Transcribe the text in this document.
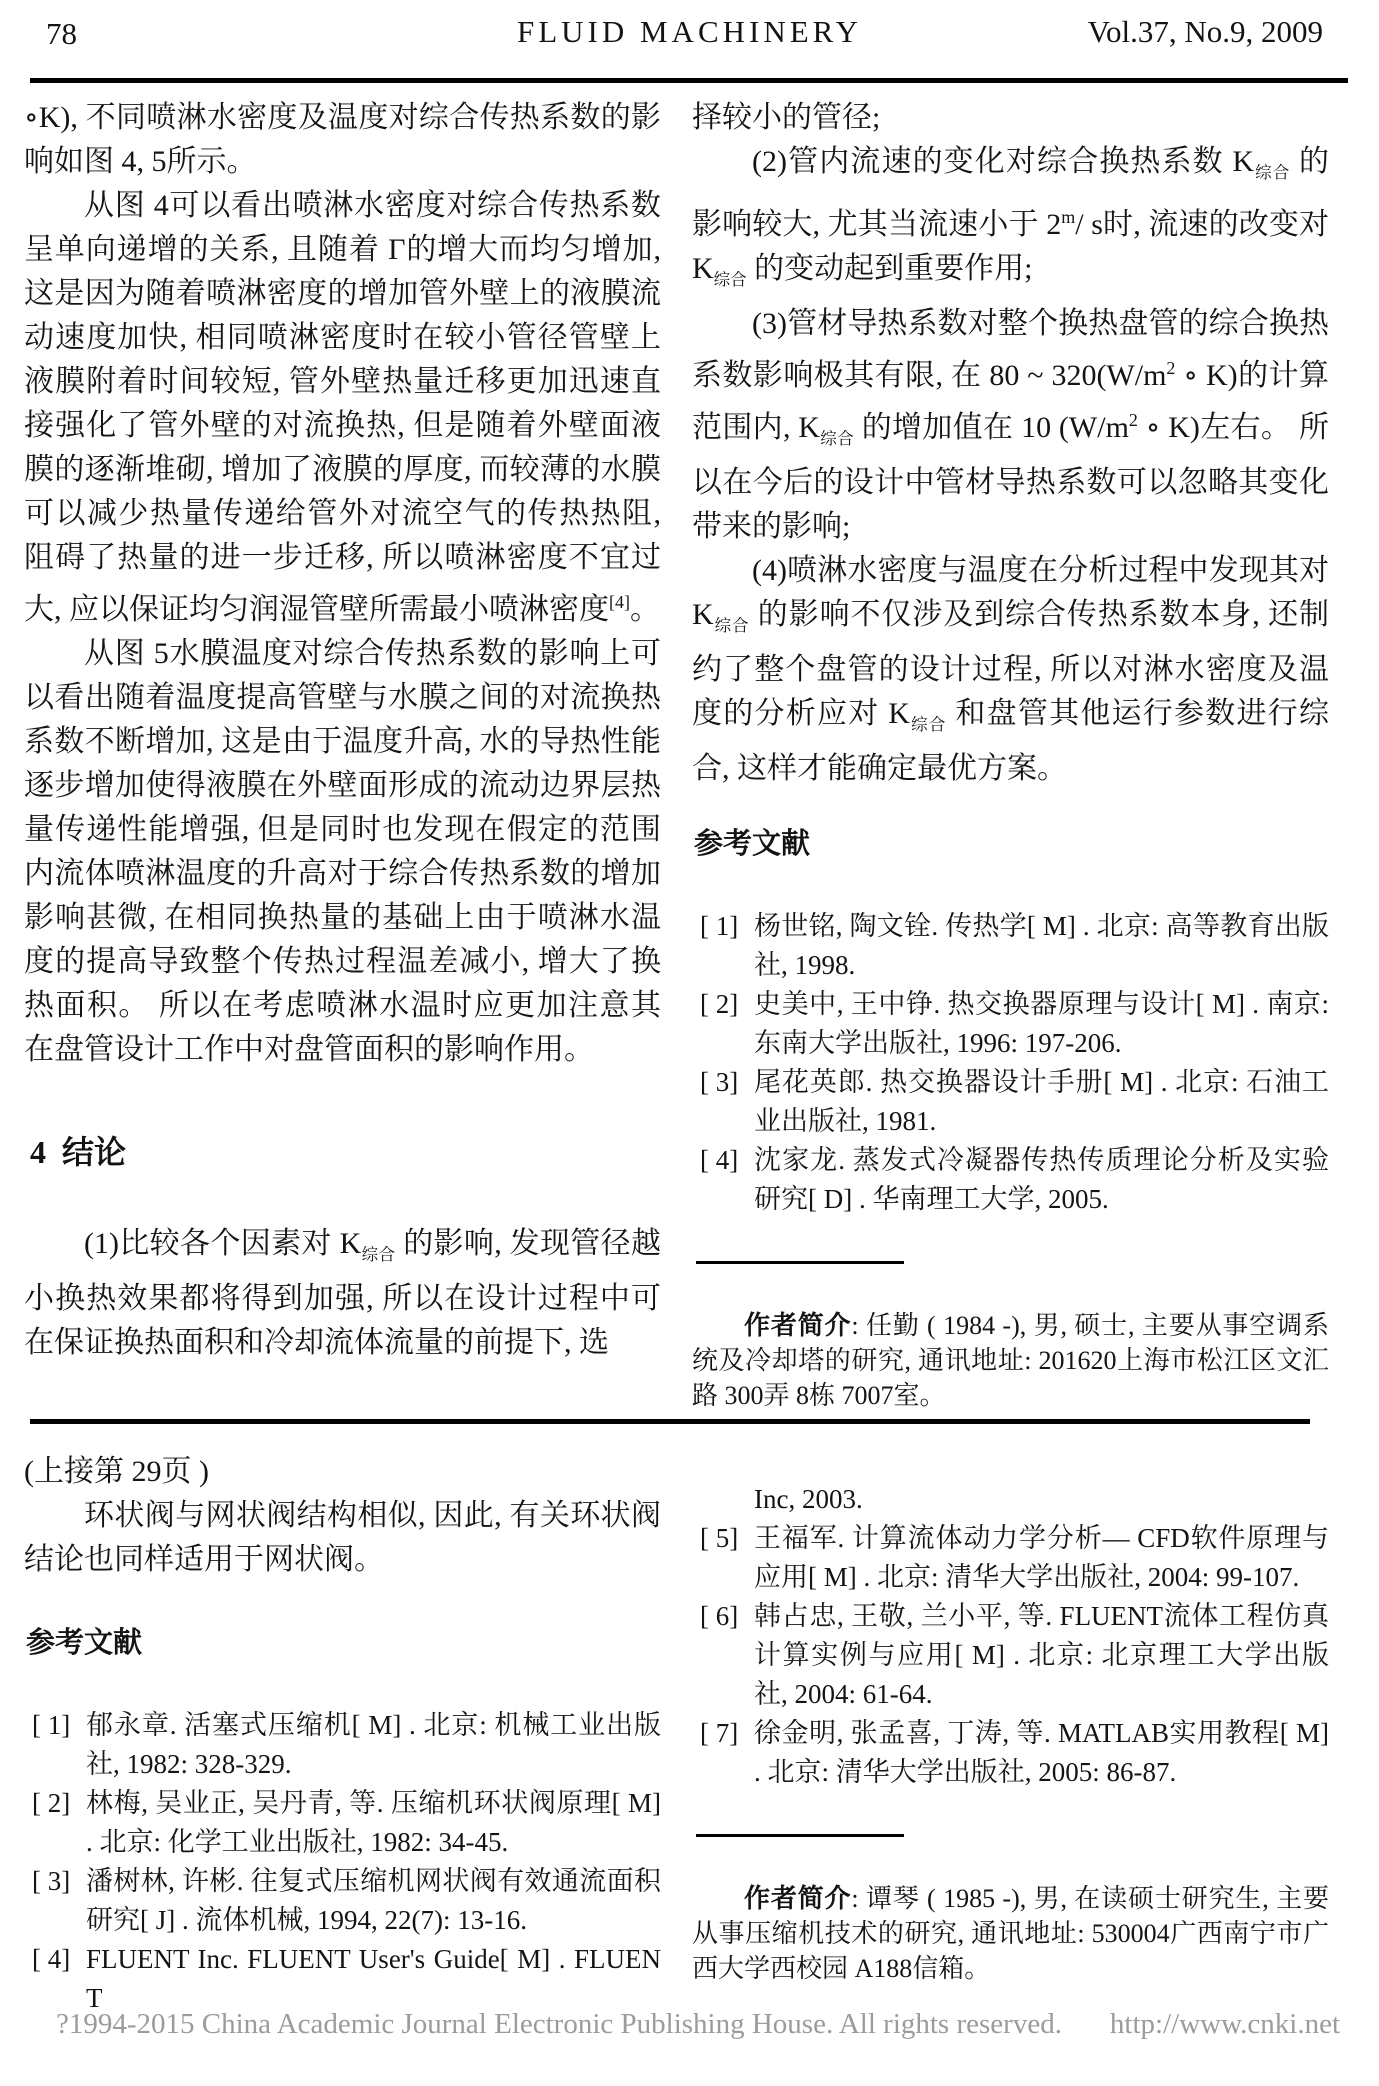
78	FLUID MACHINERY	Vol.37, No.9, 2009

∘K), 不同喷淋水密度及温度对综合传热系数的影响如图 4, 5所示。

从图 4可以看出喷淋水密度对综合传热系数呈单向递增的关系, 且随着 Γ的增大而均匀增加, 这是因为随着喷淋密度的增加管外壁上的液膜流动速度加快, 相同喷淋密度时在较小管径管壁上液膜附着时间较短, 管外壁热量迁移更加迅速直接强化了管外壁的对流换热, 但是随着外壁面液膜的逐渐堆砌, 增加了液膜的厚度, 而较薄的水膜可以减少热量传递给管外对流空气的传热热阻, 阻碍了热量的进一步迁移, 所以喷淋密度不宜过大, 应以保证均匀润湿管壁所需最小喷淋密度[4]。

从图 5水膜温度对综合传热系数的影响上可以看出随着温度提高管壁与水膜之间的对流换热系数不断增加, 这是由于温度升高, 水的导热性能逐步增加使得液膜在外壁面形成的流动边界层热量传递性能增强, 但是同时也发现在假定的范围内流体喷淋温度的升高对于综合传热系数的增加影响甚微, 在相同换热量的基础上由于喷淋水温度的提高导致整个传热过程温差减小, 增大了换热面积。 所以在考虑喷淋水温时应更加注意其在盘管设计工作中对盘管面积的影响作用。

4  结论

(1)比较各个因素对 $K_{综合}$ 的影响, 发现管径越小换热效果都将得到加强, 所以在设计过程中可在保证换热面积和冷却流体流量的前提下, 选

择较小的管径;

(2)管内流速的变化对综合换热系数 $K_{综合}$ 的影响较大, 尤其当流速小于 2$^m$/ s时, 流速的改变对 $K_{综合}$ 的变动起到重要作用;

(3)管材导热系数对整个换热盘管的综合换热系数影响极其有限, 在 80 ~ $320(W/m^2$ ∘ K)的计算范围内, $K_{综合}$ 的增加值在 10 ($W/m^2$ ∘ K)左右。 所以在今后的设计中管材导热系数可以忽略其变化带来的影响;

(4)喷淋水密度与温度在分析过程中发现其对 $K_{综合}$ 的影响不仅涉及到综合传热系数本身, 还制约了整个盘管的设计过程, 所以对淋水密度及温度的分析应对 $K_{综合}$ 和盘管其他运行参数进行综合, 这样才能确定最优方案。

参考文献
[ 1] 杨世铭, 陶文铨. 传热学[ M] . 北京: 高等教育出版社, 1998.
[ 2] 史美中, 王中铮. 热交换器原理与设计[ M] . 南京: 东南大学出版社, 1996: 197-206.
[ 3] 尾花英郎. 热交换器设计手册[ M] . 北京: 石油工业出版社, 1981.
[ 4] 沈家龙. 蒸发式冷凝器传热传质理论分析及实验研究[ D] . 华南理工大学, 2005.
作者简介: 任勤 ( 1984 -), 男, 硕士, 主要从事空调系统及冷却塔的研究, 通讯地址: 201620上海市松江区文汇路 300弄 8栋 7007室。

(上接第 29页 )

环状阀与网状阀结构相似, 因此, 有关环状阀结论也同样适用于网状阀。

参考文献
[ 1] 郁永章. 活塞式压缩机[ M] . 北京: 机械工业出版社, 1982: 328-329.
[ 2] 林梅, 吴业正, 吴丹青, 等. 压缩机环状阀原理[ M] . 北京: 化学工业出版社, 1982: 34-45.
[ 3] 潘树林, 许彬. 往复式压缩机网状阀有效通流面积研究[ J] . 流体机械, 1994, 22(7): 13-16.
[ 4] FLUENT Inc. FLUENT User's Guide[ M] . FLUENT
Inc, 2003.
[ 5] 王福军. 计算流体动力学分析— CFD软件原理与应用[ M] . 北京: 清华大学出版社, 2004: 99-107.
[ 6] 韩占忠, 王敬, 兰小平, 等. FLUENT流体工程仿真计算实例与应用[ M] . 北京: 北京理工大学出版社, 2004: 61-64.
[ 7] 徐金明, 张孟喜, 丁涛, 等. MATLAB实用教程[ M] . 北京: 清华大学出版社, 2005: 86-87.
作者简介: 谭琴 ( 1985 -), 男, 在读硕士研究生, 主要从事压缩机技术的研究, 通讯地址: 530004广西南宁市广西大学西校园 A188信箱。
?1994-2015 China Academic Journal Electronic Publishing House. All rights reserved. http://www.cnki.net
